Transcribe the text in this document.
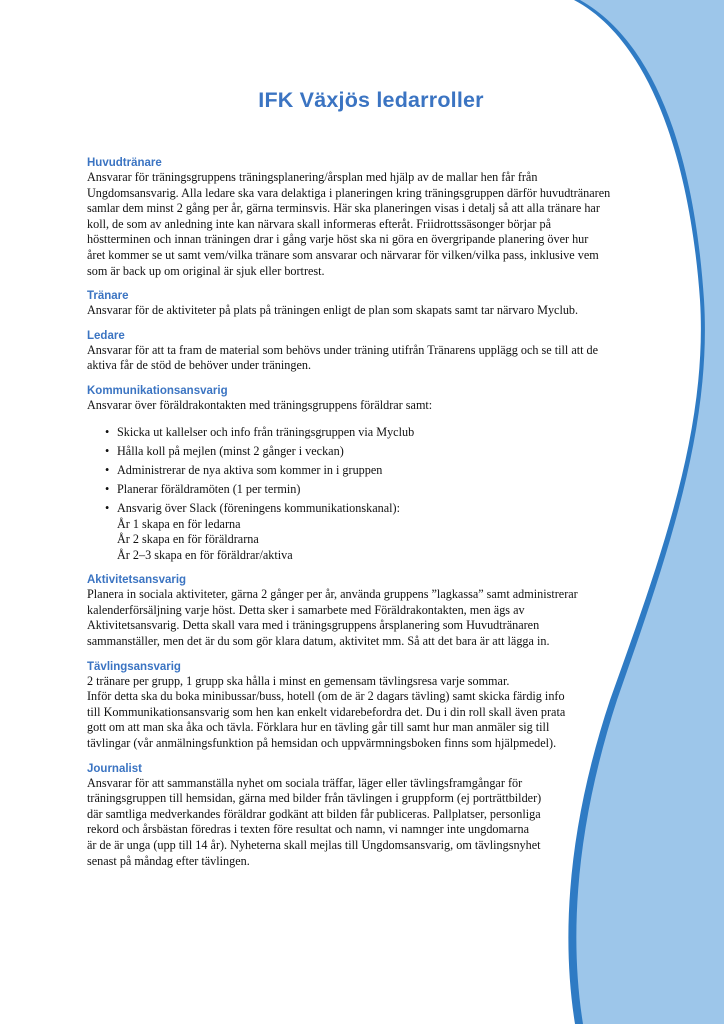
IFK Växjös ledarroller
Huvudtränare

Ansvarar för träningsgruppens träningsplanering/årsplan med hjälp av de mallar hen får från
Ungdomsansvarig. Alla ledare ska vara delaktiga i planeringen kring träningsgruppen därför huvudtränaren
samlar dem minst 2 gång per år, gärna terminsvis. Här ska planeringen visas i detalj så att alla tränare har
koll, de som av anledning inte kan närvara skall informeras efteråt. Friidrottssäsonger börjar på
höstterminen och innan träningen drar i gång varje höst ska ni göra en övergripande planering över hur
året kommer se ut samt vem/vilka tränare som ansvarar och närvarar för vilken/vilka pass, inklusive vem
som är back up om original är sjuk eller bortrest.

Tränare

Ansvarar för de aktiviteter på plats på träningen enligt de plan som skapats samt tar närvaro Myclub.

Ledare

Ansvarar för att ta fram de material som behövs under träning utifrån Tränarens upplägg och se till att de
aktiva får de stöd de behöver under träningen.

Kommunikationsansvarig

Ansvarar över föräldrakontakten med träningsgruppens föräldrar samt:

• Skicka ut kallelser och info från träningsgruppen via Myclub
• Hålla koll på mejlen (minst 2 gånger i veckan)
• Administrerar de nya aktiva som kommer in i gruppen
• Planerar föräldramöten (1 per termin)
• Ansvarig över Slack (föreningens kommunikationskanal):
År 1 skapa en för ledarna
År 2 skapa en för föräldrarna
År 2–3 skapa en för föräldrar/aktiva
Aktivitetsansvarig

Planera in sociala aktiviteter, gärna 2 gånger per år, använda gruppens ”lagkassa” samt administrerar
kalenderförsäljning varje höst. Detta sker i samarbete med Föräldrakontakten, men ägs av
Aktivitetsansvarig. Detta skall vara med i träningsgruppens årsplanering som Huvudtränaren
sammanställer, men det är du som gör klara datum, aktivitet mm. Så att det bara är att lägga in.

Tävlingsansvarig

2 tränare per grupp, 1 grupp ska hålla i minst en gemensam tävlingsresa varje sommar.
Inför detta ska du boka minibussar/buss, hotell (om de är 2 dagars tävling) samt skicka färdig info
till Kommunikationsansvarig som hen kan enkelt vidarebefordra det. Du i din roll skall även prata
gott om att man ska åka och tävla. Förklara hur en tävling går till samt hur man anmäler sig till
tävlingar (vår anmälningsfunktion på hemsidan och uppvärmningsboken finns som hjälpmedel).

Journalist

Ansvarar för att sammanställa nyhet om sociala träffar, läger eller tävlingsframgångar för
träningsgruppen till hemsidan, gärna med bilder från tävlingen i gruppform (ej porträttbilder)
där samtliga medverkandes föräldrar godkänt att bilden får publiceras. Pallplatser, personliga
rekord och årsbästan föredras i texten före resultat och namn, vi namnger inte ungdomarna
är de är unga (upp till 14 år). Nyheterna skall mejlas till Ungdomsansvarig, om tävlingsnyhet
senast på måndag efter tävlingen.
